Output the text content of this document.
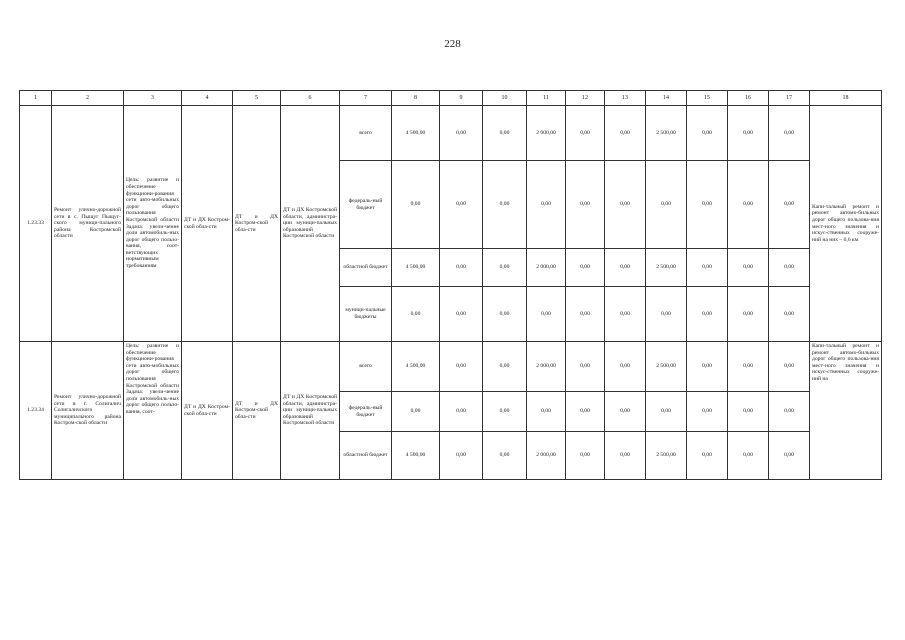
228
1	2	3	4	5	6	7	8	9	10	11	12	13	14	15	16	17	18
1.23.33	Ремонт улично-дорожной сети в с. Пыщуг Пыщуг-ского муници-пального района Костромской области	Цель: развитие и обеспечение функциони-рования сети авто-мобильных дорог общего пользования Костромской области Задача: увели-чение доли автомобиль-ных дорог общего пользо-вания, соот-ветствующих нормативным требованиям	ДТ и ДХ Костром-ской обла-сти	ДТ и ДХ Костром-ской обла-сти	ДТ и ДХ Костромской области, администра-ции муници-пальных образований Костромской области	всего	4 500,00	0,00	0,00	2 000,00	0,00	0,00	2 500,00	0,00	0,00	0,00	Капи-тальный ремонт и ремонт автомо-бильных дорог общего пользова-ния мест-ного значения и искус-ственных сооруже-ний на них – 0,6 км
						федераль-ный бюджет	0,00	0,00	0,00	0,00	0,00	0,00	0,00	0,00	0,00	0,00	
						областной бюджет	4 500,00	0,00	0,00	2 000,00	0,00	0,00	2 500,00	0,00	0,00	0,00	
						муници-пальные бюджеты	0,00	0,00	0,00	0,00	0,00	0,00	0,00	0,00	0,00	0,00	
1.23.34	Ремонт улично-дорожной сети в г. Солигалич Солигаличского муниципального района Костром-ской области	Цель: развитие и обеспечение функциони-рования сети авто-мобильных дорог общего пользования Костромской области Задача: увели-чение доли автомобиль-ных дорог общего пользо-вания, соот-	ДТ и ДХ Костром-ской обла-сти	ДТ и ДХ Костром-ской обла-сти	ДТ и ДХ Костромской области, администра-ции муници-пальных образований Костромской области	всего	4 500,00	0,00	0,00	2 000,00	0,00	0,00	2 500,00	0,00	0,00	0,00	Капи-тальный ремонт и ремонт автомо-бильных дорог общего пользова-ния мест-ного значения и искус-ственных сооруже-ний на
						федераль-ный бюджет	0,00	0,00	0,00	0,00	0,00	0,00	0,00	0,00	0,00	0,00	
						областной бюджет	4 500,00	0,00	0,00	2 000,00	0,00	0,00	2 500,00	0,00	0,00	0,00	
